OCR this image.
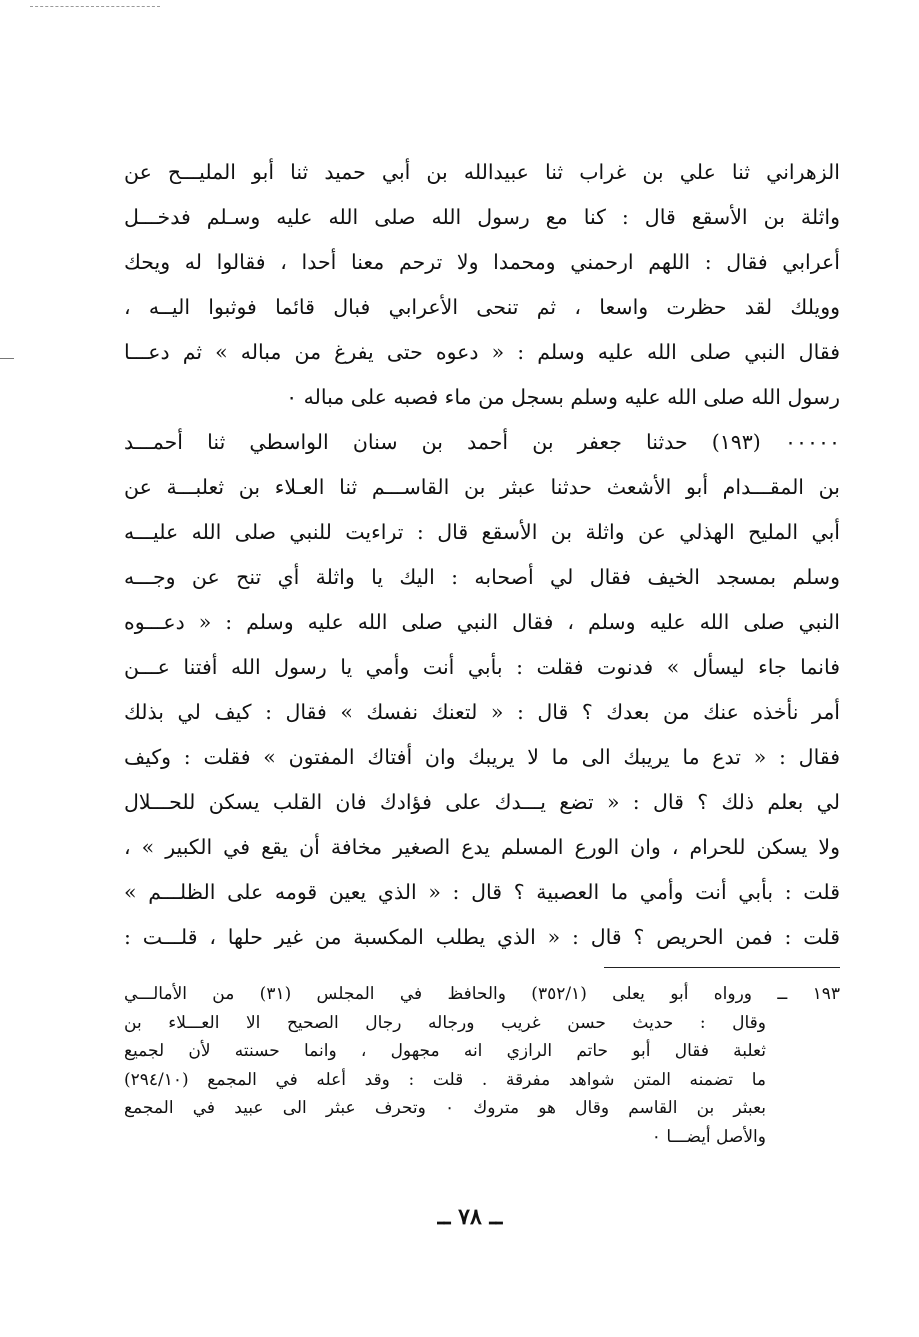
الزهراني ثنا علي بن غراب ثنا عبيدالله بن أبي حميد ثنا أبو المليـــح عن
واثلة بن الأسقع قال : كنا مع رسول الله صلى الله عليه وسـلم فدخـــل
أعرابي فقال : اللهم ارحمني ومحمدا ولا ترحم معنا أحدا ، فقالوا له ويحك
وويلك لقد حظرت واسعا ، ثم تنحى الأعرابي فبال قائما فوثبوا اليــه ،
فقال النبي صلى الله عليه وسلم : « دعوه حتى يفرغ من مباله » ثم دعـــا
رسول الله صلى الله عليه وسلم بسجل من ماء فصبه على مباله ٠
٠٠٠٠٠ (١٩٣) حدثنا جعفر بن أحمد بن سنان الواسطي ثنا أحمـــد
بن المقـــدام أبو الأشعث حدثنا عبثر بن القاســـم ثنا العـلاء بن ثعلبـــة عن
أبي المليح الهذلي عن واثلة بن الأسقع قال : تراءيت للنبي صلى الله عليـــه
وسلم بمسجد الخيف فقال لي أصحابه : اليك يا واثلة أي تنح عن وجـــه
النبي صلى الله عليه وسلم ، فقال النبي صلى الله عليه وسلم : « دعـــوه
فانما جاء ليسأل » فدنوت فقلت : بأبي أنت وأمي يا رسول الله أفتنا عـــن
أمر نأخذه عنك من بعدك ؟ قال : « لتعنك نفسك » فقال : كيف لي بذلك
فقال : « تدع ما يريبك الى ما لا يريبك وان أفتاك المفتون » فقلت : وكيف
لي بعلم ذلك ؟ قال : « تضع يـــدك على فؤادك فان القلب يسكن للحـــلال
ولا يسكن للحرام ، وان الورع المسلم يدع الصغير مخافة أن يقع في الكبير » ،
قلت : بأبي أنت وأمي ما العصبية ؟ قال : « الذي يعين قومه على الظلـــم »
قلت : فمن الحريص ؟ قال : « الذي يطلب المكسبة من غير حلها ، قلـــت :
١٩٣ ــ ورواه أبو يعلى (٣٥٢/١) والحافظ في المجلس (٣١) من الأمالـــي
وقال : حديث حسن غريب ورجاله رجال الصحيح الا العـــلاء بن
ثعلبة فقال أبو حاتم الرازي انه مجهول ، وانما حسنته لأن لجميع
ما تضمنه المتن شواهد مفرقة . قلت : وقد أعله في المجمع (٢٩٤/١٠)
بعبثر بن القاسم وقال هو متروك ٠ وتحرف عبثر الى عبيد في المجمع
والأصل أيضـــا ٠
ــ ٧٨ ــ
